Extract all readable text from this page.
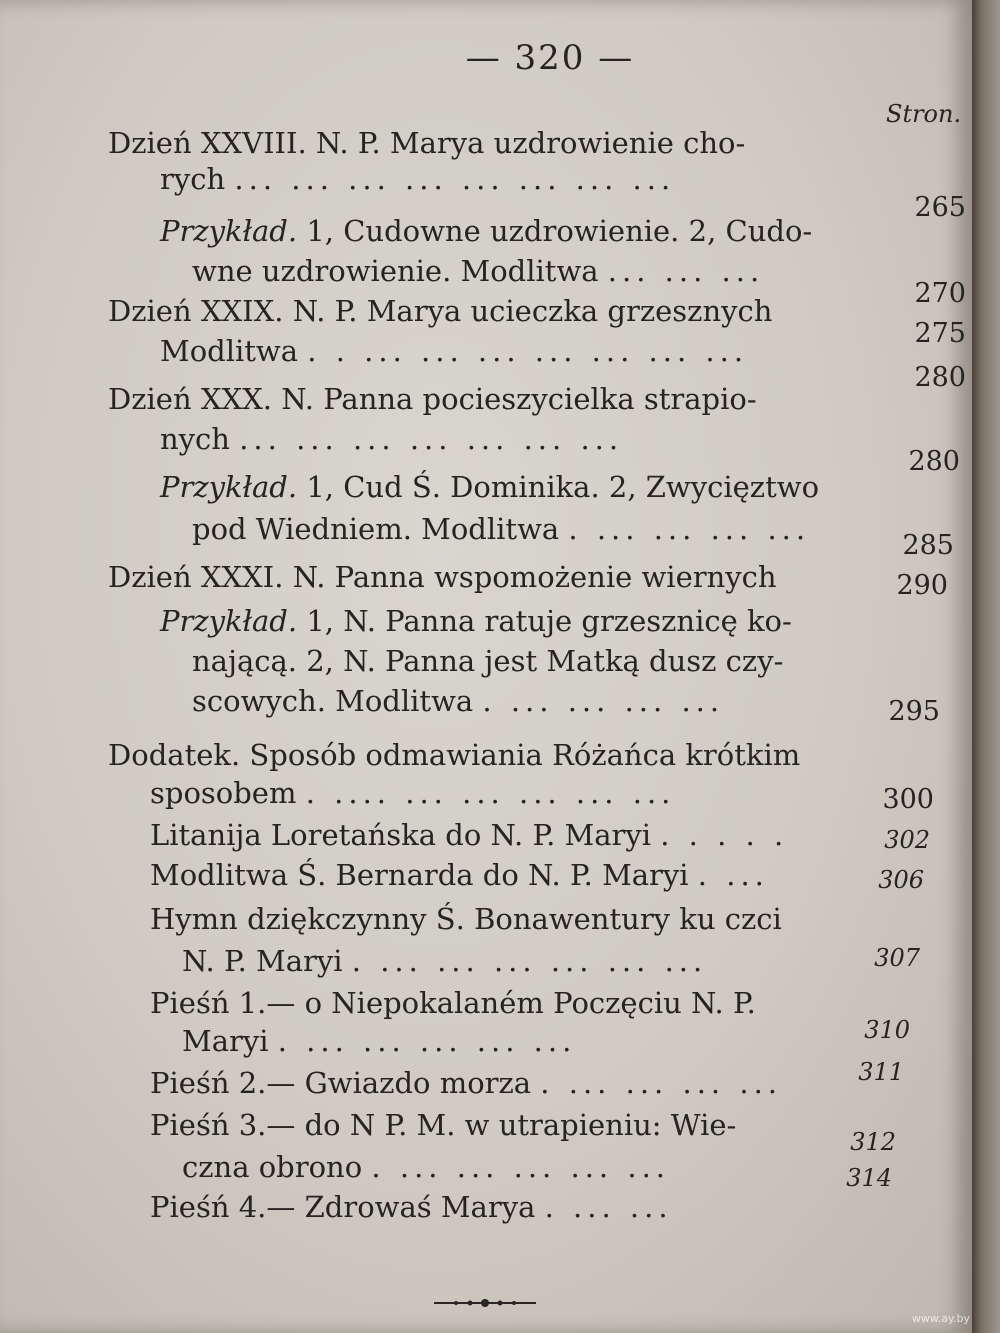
— 320 —
Stron.
Dzień XXVIII. N. P. Marya uzdrowienie cho-
rych ... ... ... ... ... ... ... ...
Przykład. 1, Cudowne uzdrowienie. 2, Cudo-
wne uzdrowienie. Modlitwa ... ... ...
Dzień XXIX. N. P. Marya ucieczka grzesznych
Modlitwa . . ... ... ... ... ... ... ...
Dzień XXX. N. Panna pocieszycielka strapio-
nych ... ... ... ... ... ... ...
Przykład. 1, Cud Ś. Dominika. 2, Zwycięztwo
pod Wiedniem. Modlitwa . ... ... ... ...
Dzień XXXI. N. Panna wspomożenie wiernych
Przykład. 1, N. Panna ratuje grzesznicę ko-
nającą. 2, N. Panna jest Matką dusz czy-
scowych. Modlitwa . ... ... ... ...
Dodatek. Sposób odmawiania Różańca krótkim
sposobem . .... ... ... ... ... ...
Litanija Loretańska do N. P. Maryi . . . . .
Modlitwa Ś. Bernarda do N. P. Maryi . ...
Hymn dziękczynny Ś. Bonawentury ku czci
N. P. Maryi . ... ... ... ... ... ...
Pieśń 1.— o Niepokalaném Poczęciu N. P.
Maryi . ... ... ... ... ...
Pieśń 2.— Gwiazdo morza . ... ... ... ...
Pieśń 3.— do N P. M. w utrapieniu: Wie-
czna obrono . ... ... ... ... ...
Pieśń 4.— Zdrowaś Marya . ... ...
265
270
275
280
280
285
290
295
300
302
306
307
310
311
312
314
www.ay.by
